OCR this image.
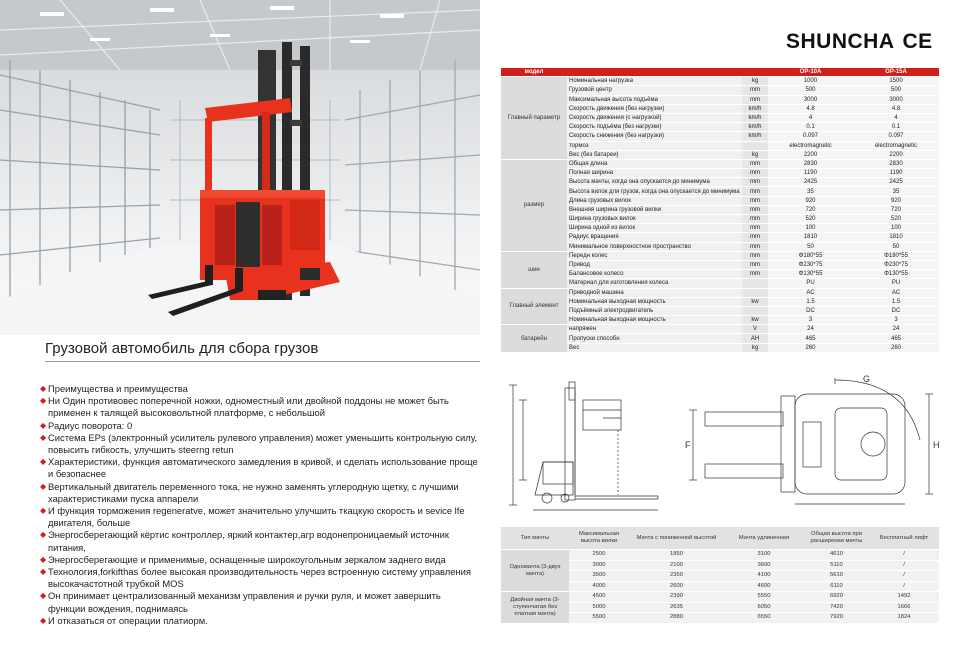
SHUNCHA CE
модел			OP-10A	OP-15A
Главный параметр	Номинальная нагрузка	kg	1000	1500
	Грузовой центр	mm	500	500
	Максимальная высота подъёма	mm	3000	3000
	Скорость движения (без нагрузки)	km/h	4.8	4.8
	Скорость движения (с нагрузкой)	km/h	4	4
	Скорость подъёма (без нагрузки)	km/h	0.1	0.1
	Скорость снижения (без нагрузки)	km/h	0.097	0.097
	тормоз		electromagnetic	electromagnetic
	Вес (без батареи)	kg	2200	2200
размер	Общая длина	mm	2830	2830
	Полная ширина	mm	1190	1190
	Высота мачты, когда она опускается до минимума	mm	2425	2425
	Высота вилок для грузов, когда она опускается до минимума	mm	35	35
	Длина грузовых вилок	mm	920	920
	Внешняя ширина грузовой вилки	mm	720	720
	Ширина грузовых вилок	mm	520	520
	Ширина одной из вилок	mm	100	100
	Радиус вращения	mm	1810	1810
	Минимальное поверхностное пространство	mm	50	50
шин	Передн колес	mm	Φ180*55	Φ180*55
	Привод	mm	Φ230*75	Φ230*75
	Балансовое колесо	mm	Φ130*55	Φ130*55
	Материал для изготовления колеса		PU	PU
Главный элемент	Приводной машина		AC	AC
	Номинальная выходная мощность	kw	1.5	1.5
	Подъёмный электродвигатель		DC	DC
	Номинальная выходная мощность	kw	3	3
батарейн	напряжен	V	24	24
	Пропуски способн	AH	465	465
	Вес	kg	260	260
Грузовой автомобиль для сбора грузов
◆ Преимущества и преимущества
◆ Ни Один противовес поперечной ножки, одноместный или двойной поддоны не может быть применен к талящей высоковольтной платформе, с небольшой
◆ Радиус поворота: 0
◆ Система EPs (электронный усилитель рулевого управления) может уменьшить контрольную силу, повысить гибкость, улучшить steerng retun
◆ Характеристики, функция автоматического замедления в кривой, и сделать использование проще и безопаснее
◆ Вертикальный двигатель переменного тока, не нужно заменять углеродную щетку, с лучшими характеристиками пуска аппарели
◆ И функция торможения regeneratve, может значительно улучшить ткацкую скорость и sevice lfe двигателя, больше
◆ Энергосберегающий кёртис контроллер, яркий контактер,агр водонепроницаемый источник питания,
◆ Энергосберегающие и применимые, оснащенные широкоугольным зеркалом заднего вида
◆ Технология,forkifthas более высокая производительность через встроенную систему управления высокачастотной трубкой MOS
◆ Он принимает централизованный механизм управления и ручки руля, и может завершить функции вождения, поднимаясь
◆ И отказаться от операции платиорм.
G
F	H
Тип мачты	Максимальная высота вилки	Мачта с пониженной высотой	Мачта удлиненная	Общая высота при расширении мачты	Бесплатный лифт
Одномачта (3-двух мачта)	2500	1850	3100	4610	/
	3000	2100	3600	5110	/
	3500	2350	4100	5610	/
	4000	2600	4600	6110	/
Двойная мачта (3- ступенчатая без платная мачта)	4500	2390	5550	6920	1492
	5000	2635	6050	7420	1666
	5500	2880	6550	7920	1824
